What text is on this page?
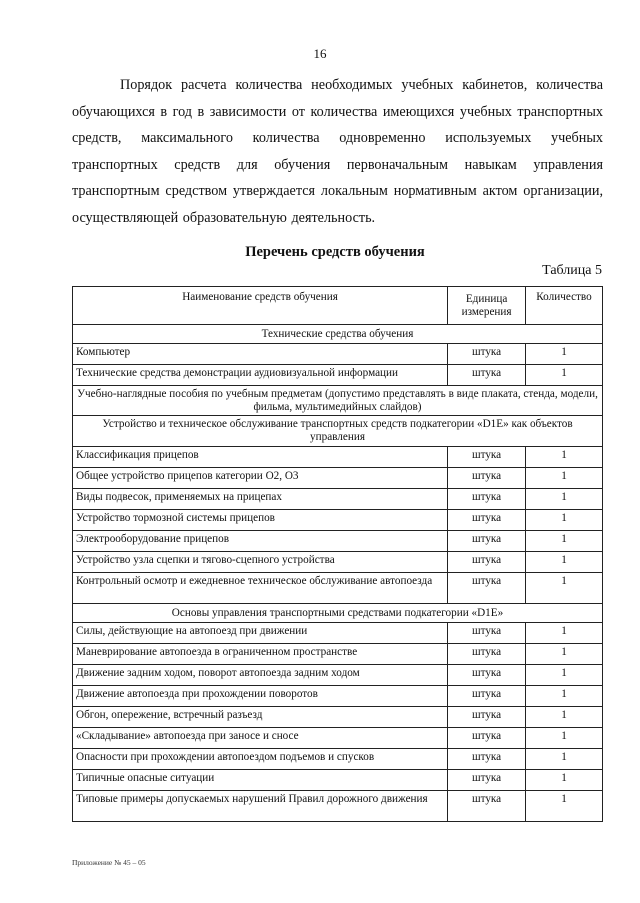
16

Порядок расчета количества необходимых учебных кабинетов, количества обучающихся в год в зависимости от количества имеющихся учебных транспортных средств, максимального количества одновременно используемых учебных транспортных средств для обучения первоначальным навыкам управления транспортным средством утверждается локальным нормативным актом организации, осуществляющей образовательную деятельность.

Перечень средств обучения
Таблица 5
Наименование средств обучения	Единица измерения	Количество
Технические средства обучения		
Компьютер	штука	1
Технические средства демонстрации аудиовизуальной информации	штука	1
Учебно-наглядные пособия по учебным предметам (допустимо представлять в виде плаката, стенда, модели, фильма, мультимедийных слайдов)		
Устройство и техническое обслуживание транспортных средств подкатегории «D1E» как объектов управления		
Классификация прицепов	штука	1
Общее устройство прицепов категории О2, О3	штука	1
Виды подвесок, применяемых на прицепах	штука	1
Устройство тормозной системы прицепов	штука	1
Электрооборудование прицепов	штука	1
Устройство узла сцепки и тягово-сцепного устройства	штука	1
Контрольный осмотр и ежедневное техническое обслуживание автопоезда	штука	1
Основы управления транспортными средствами подкатегории «D1E»		
Силы, действующие на автопоезд при движении	штука	1
Маневрирование автопоезда в ограниченном пространстве	штука	1
Движение задним ходом, поворот автопоезда задним ходом	штука	1
Движение автопоезда при прохождении поворотов	штука	1
Обгон, опережение, встречный разъезд	штука	1
«Складывание» автопоезда при заносе и сносе	штука	1
Опасности при прохождении автопоездом подъемов и спусков	штука	1
Типичные опасные ситуации	штука	1
Типовые примеры допускаемых нарушений Правил дорожного движения	штука	1
Приложение № 45 – 05
